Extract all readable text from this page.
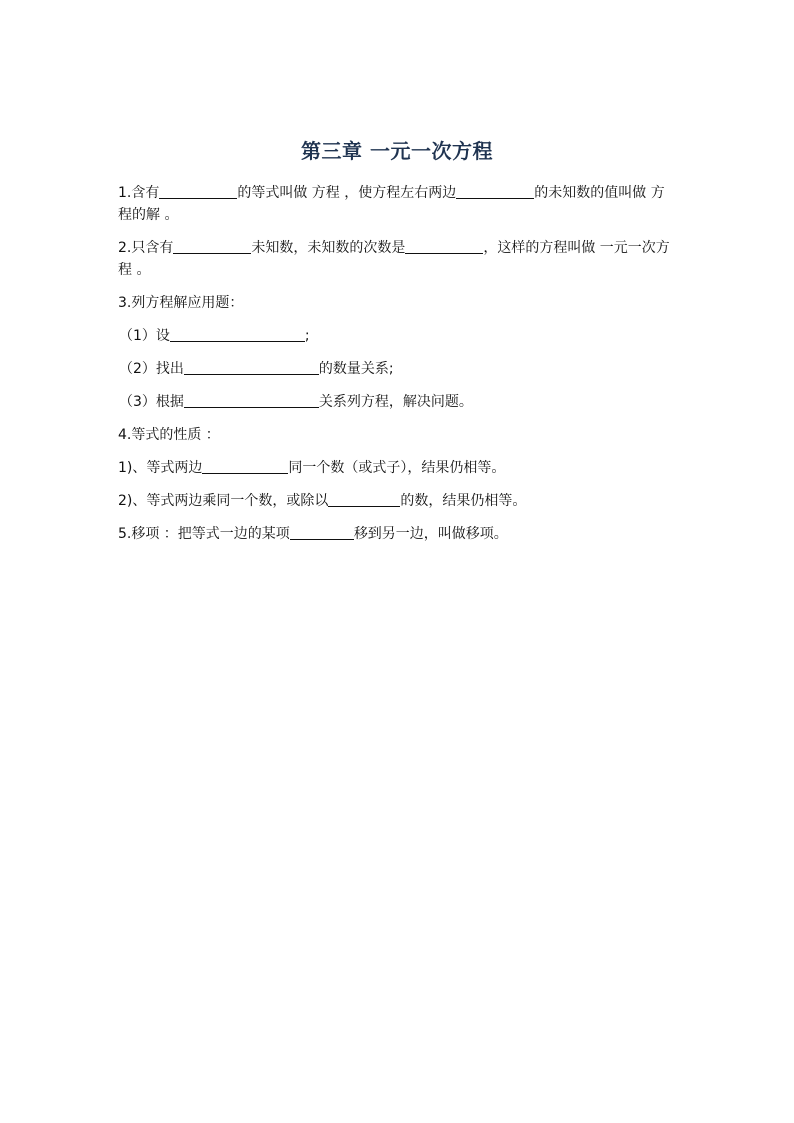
第三章 一元一次方程

1.含有	的等式叫做 方程 ，使方程左右两边	的未知数的值叫做 方程的解 。

2.只含有	未知数，未知数的次数是	，这样的方程叫做 一元一次方程 。

3.列方程解应用题：

（1）设	;

（2）找出	的数量关系;

（3）根据	关系列方程，解决问题。

4.等式的性质 ：

1)、等式两边	同一个数（或式子），结果仍相等。

2)、等式两边乘同一个数，或除以	的数，结果仍相等。

5.移项 ：把等式一边的某项	移到另一边，叫做移项。
